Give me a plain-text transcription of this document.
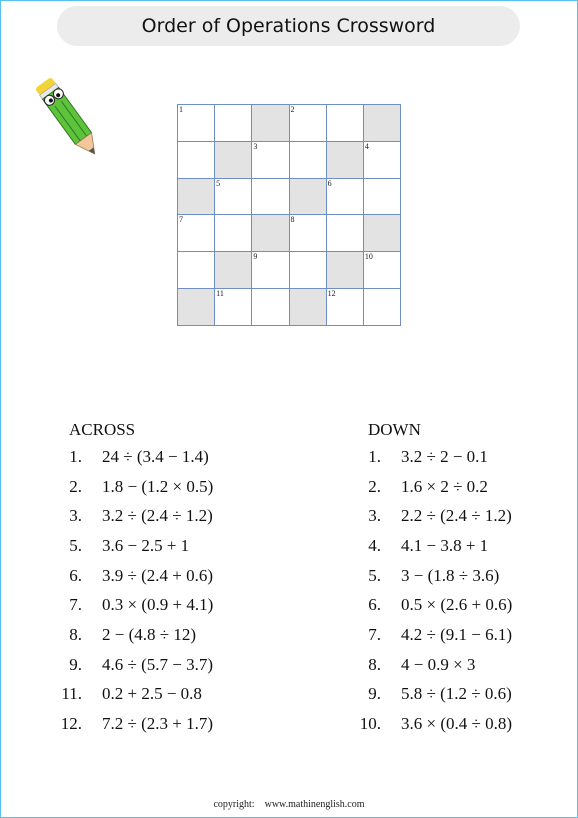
Order of Operations Crossword
1	2
3	4
5	6
7	8
9	10
11	12
ACROSS
1. 24 ÷ (3.4 − 1.4)
2. 1.8 − (1.2 × 0.5)
3. 3.2 ÷ (2.4 ÷ 1.2)
5. 3.6 − 2.5 + 1
6. 3.9 ÷ (2.4 + 0.6)
7. 0.3 × (0.9 + 4.1)
8. 2 − (4.8 ÷ 12)
9. 4.6 ÷ (5.7 − 3.7)
11. 0.2 + 2.5 − 0.8
12. 7.2 ÷ (2.3 + 1.7)
DOWN
1. 3.2 ÷ 2 − 0.1
2. 1.6 × 2 ÷ 0.2
3. 2.2 ÷ (2.4 ÷ 1.2)
4. 4.1 − 3.8 + 1
5. 3 − (1.8 ÷ 3.6)
6. 0.5 × (2.6 + 0.6)
7. 4.2 ÷ (9.1 − 6.1)
8. 4 − 0.9 × 3
9. 5.8 ÷ (1.2 ÷ 0.6)
10. 3.6 × (0.4 ÷ 0.8)
copyright: www.mathinenglish.com
